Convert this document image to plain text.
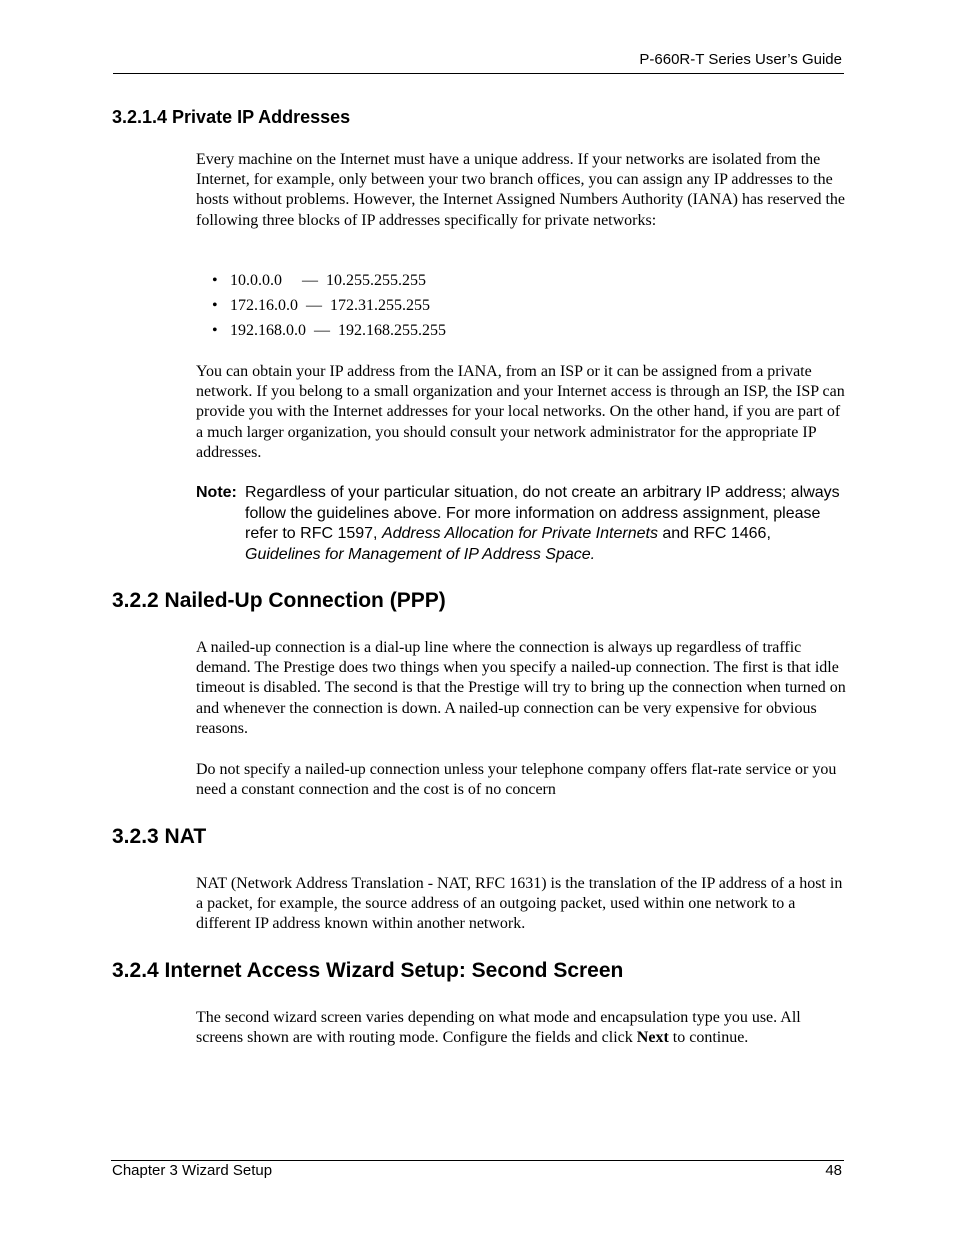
P-660R-T Series User’s Guide
3.2.1.4 Private IP Addresses

Every machine on the Internet must have a unique address. If your networks are isolated from the Internet, for example, only between your two branch offices, you can assign any IP addresses to the hosts without problems. However, the Internet Assigned Numbers Authority (IANA) has reserved the following three blocks of IP addresses specifically for private networks:

• 10.0.0.0     —  10.255.255.255
• 172.16.0.0  —  172.31.255.255
• 192.168.0.0  —  192.168.255.255

You can obtain your IP address from the IANA, from an ISP or it can be assigned from a private network. If you belong to a small organization and your Internet access is through an ISP, the ISP can provide you with the Internet addresses for your local networks. On the other hand, if you are part of a much larger organization, you should consult your network administrator for the appropriate IP addresses.

Note: Regardless of your particular situation, do not create an arbitrary IP address; always follow the guidelines above. For more information on address assignment, please refer to RFC 1597, Address Allocation for Private Internets and RFC 1466, Guidelines for Management of IP Address Space.
3.2.2 Nailed-Up Connection (PPP)

A nailed-up connection is a dial-up line where the connection is always up regardless of traffic demand. The Prestige does two things when you specify a nailed-up connection. The first is that idle timeout is disabled. The second is that the Prestige will try to bring up the connection when turned on and whenever the connection is down. A nailed-up connection can be very expensive for obvious reasons.

Do not specify a nailed-up connection unless your telephone company offers flat-rate service or you need a constant connection and the cost is of no concern

3.2.3 NAT

NAT (Network Address Translation - NAT, RFC 1631) is the translation of the IP address of a host in a packet, for example, the source address of an outgoing packet, used within one network to a different IP address known within another network.

3.2.4 Internet Access Wizard Setup: Second Screen

The second wizard screen varies depending on what mode and encapsulation type you use. All screens shown are with routing mode. Configure the fields and click Next to continue.

Chapter 3 Wizard Setup	48
